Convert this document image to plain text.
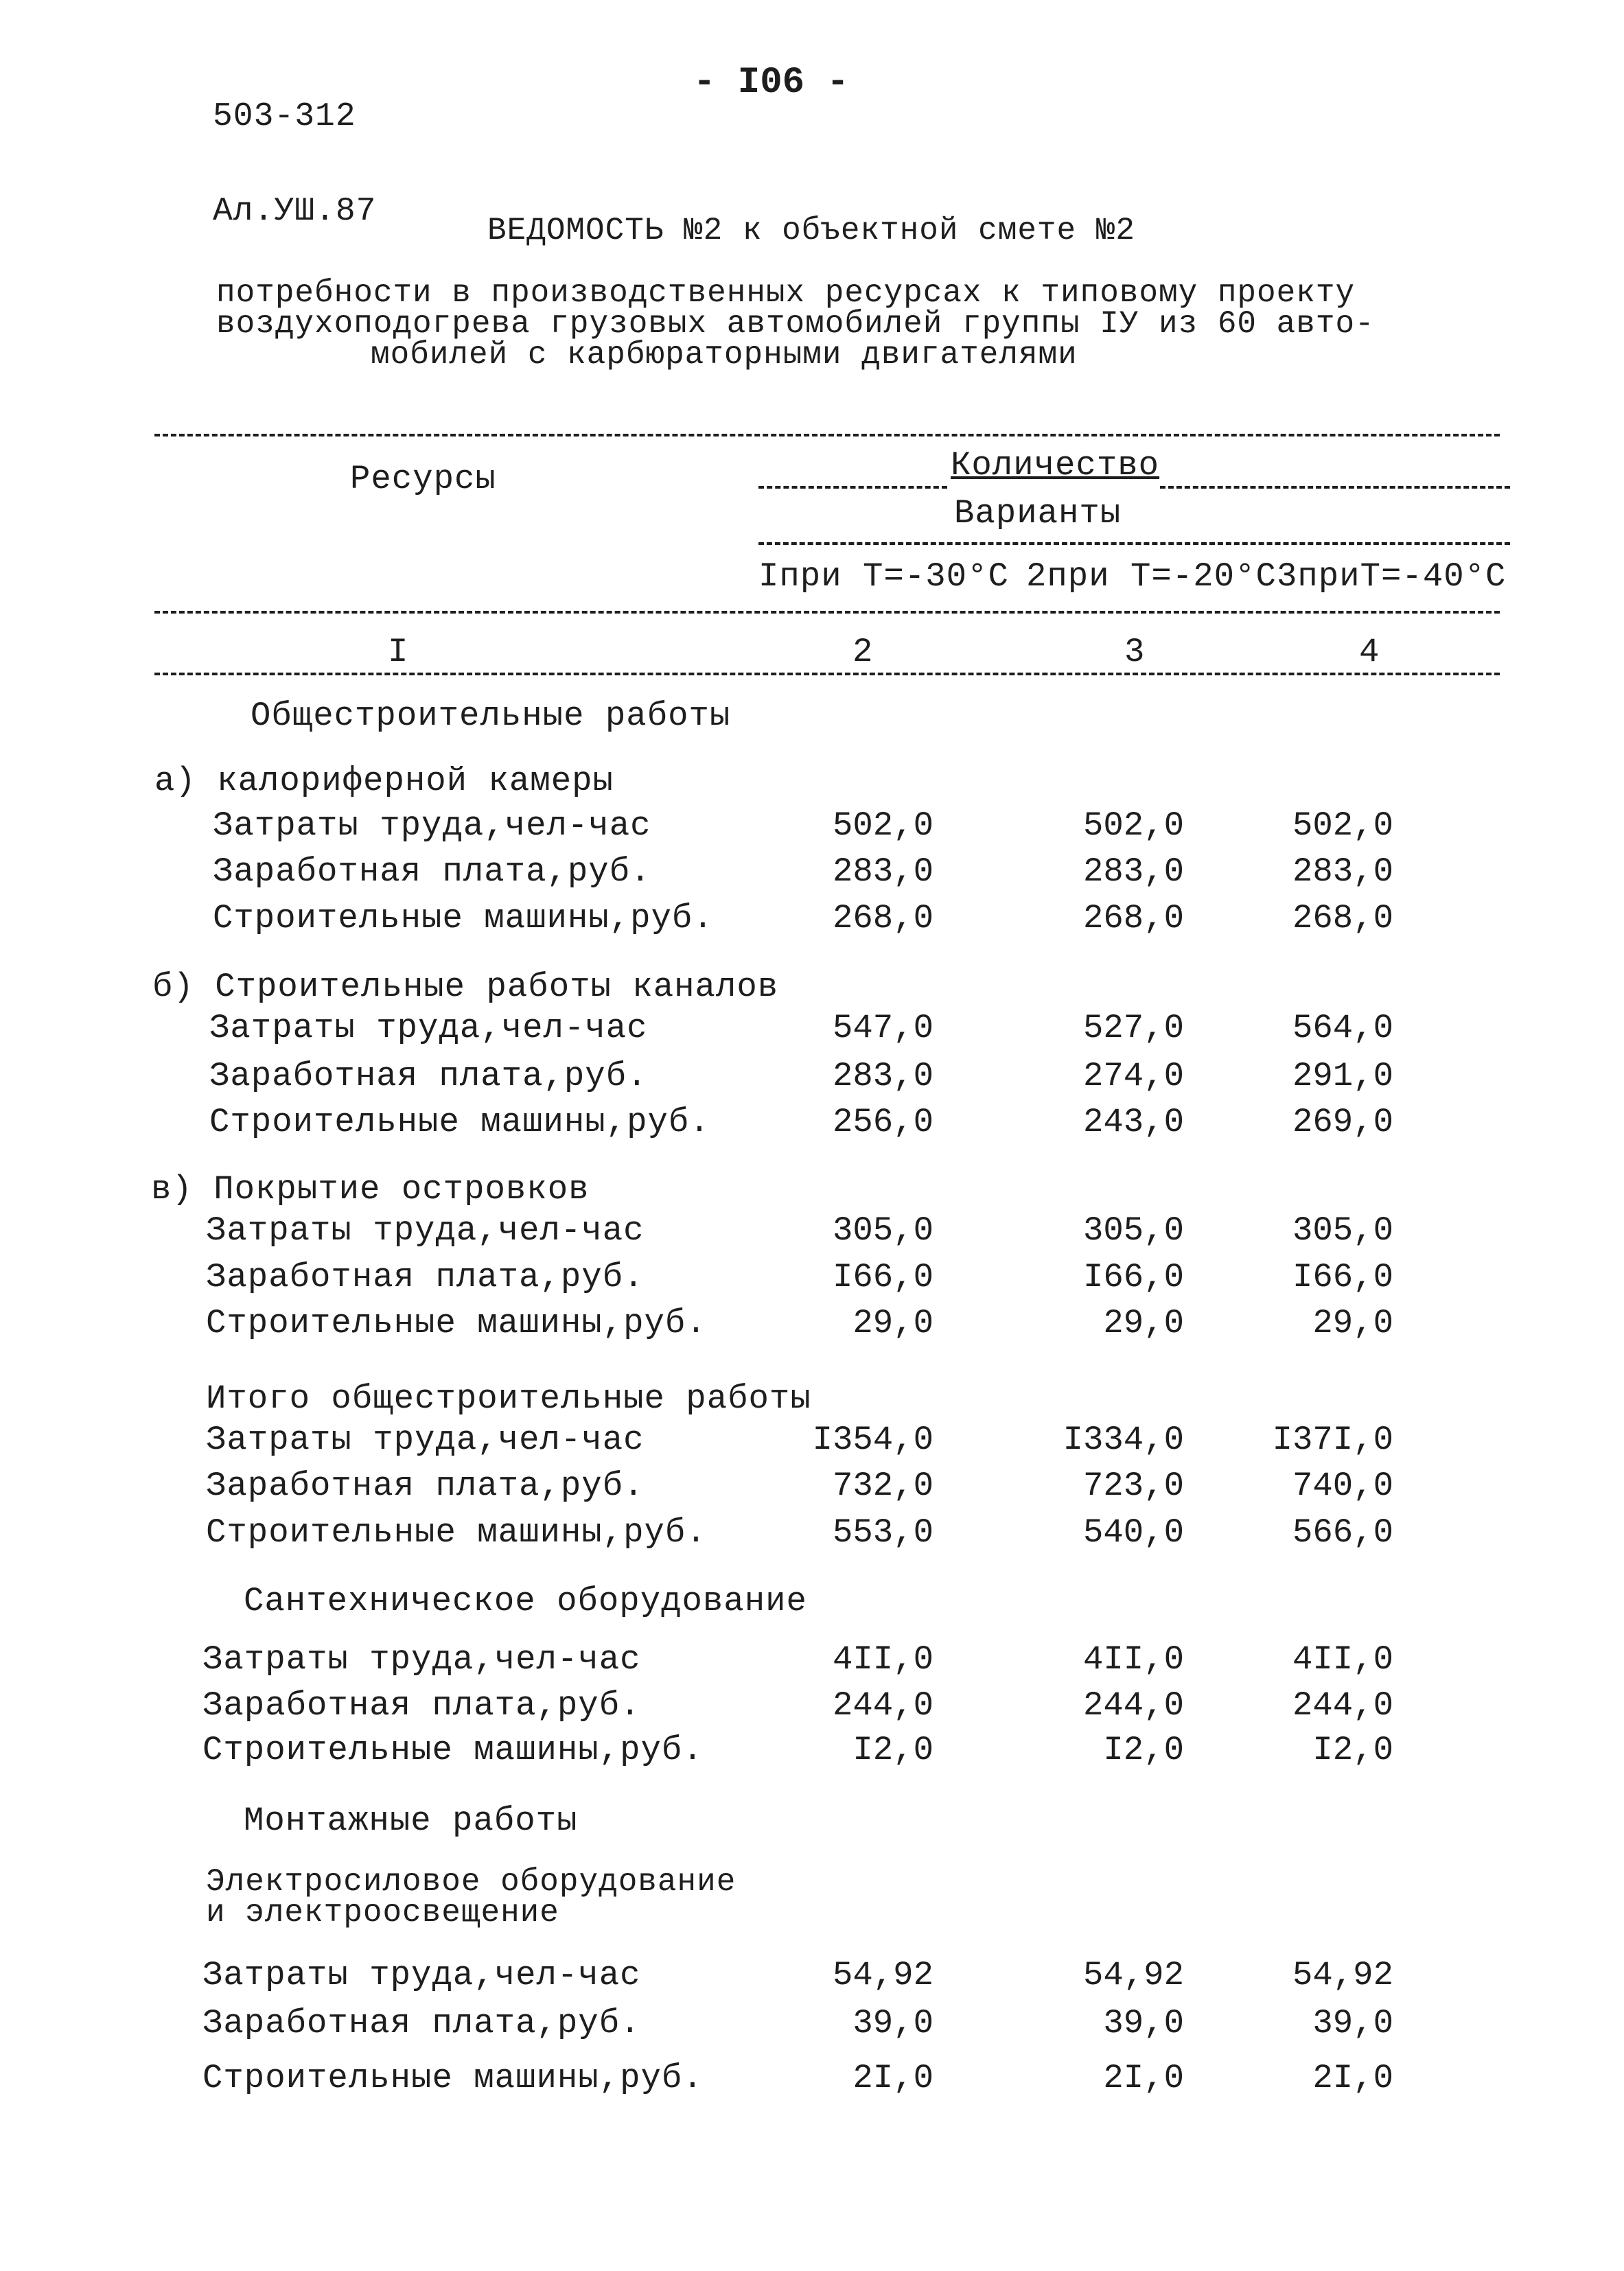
503-312

Ал.УШ.87

- I06 -
ВЕДОМОСТЬ №2 к объектной смете №2
потребности в производственных ресурсах к типовому проекту
воздухоподогрева грузовых автомобилей группы IУ из 60 авто-
мобилей с карбюраторными двигателями
Ресурсы	Количество
Варианты
Iпри Т=-30°С 2при Т=-20°С 3приТ=-40°С
I	2	3	4
Общестроительные работы
а) калориферной камеры
б) Строительные работы каналов
в) Покрытие островков
Итого общестроительные работы
Сантехническое оборудование
Монтажные работы
Электросиловое оборудование
и электроосвещение
Затраты труда,чел-час	502,0	502,0	502,0
Заработная плата,руб.	283,0	283,0	283,0
Строительные машины,руб.	268,0	268,0	268,0
Затраты труда,чел-час	547,0	527,0	564,0
Заработная плата,руб.	283,0	274,0	291,0
Строительные машины,руб.	256,0	243,0	269,0
Затраты труда,чел-час	305,0	305,0	305,0
Заработная плата,руб.	I66,0	I66,0	I66,0
Строительные машины,руб.	29,0	29,0	29,0
Затраты труда,чел-час	I354,0	I334,0	I37I,0
Заработная плата,руб.	732,0	723,0	740,0
Строительные машины,руб.	553,0	540,0	566,0
Затраты труда,чел-час	4II,0	4II,0	4II,0
Заработная плата,руб.	244,0	244,0	244,0
Строительные машины,руб.	I2,0	I2,0	I2,0
Затраты труда,чел-час	54,92	54,92	54,92
Заработная плата,руб.	39,0	39,0	39,0
Строительные машины,руб.	2I,0	2I,0	2I,0
